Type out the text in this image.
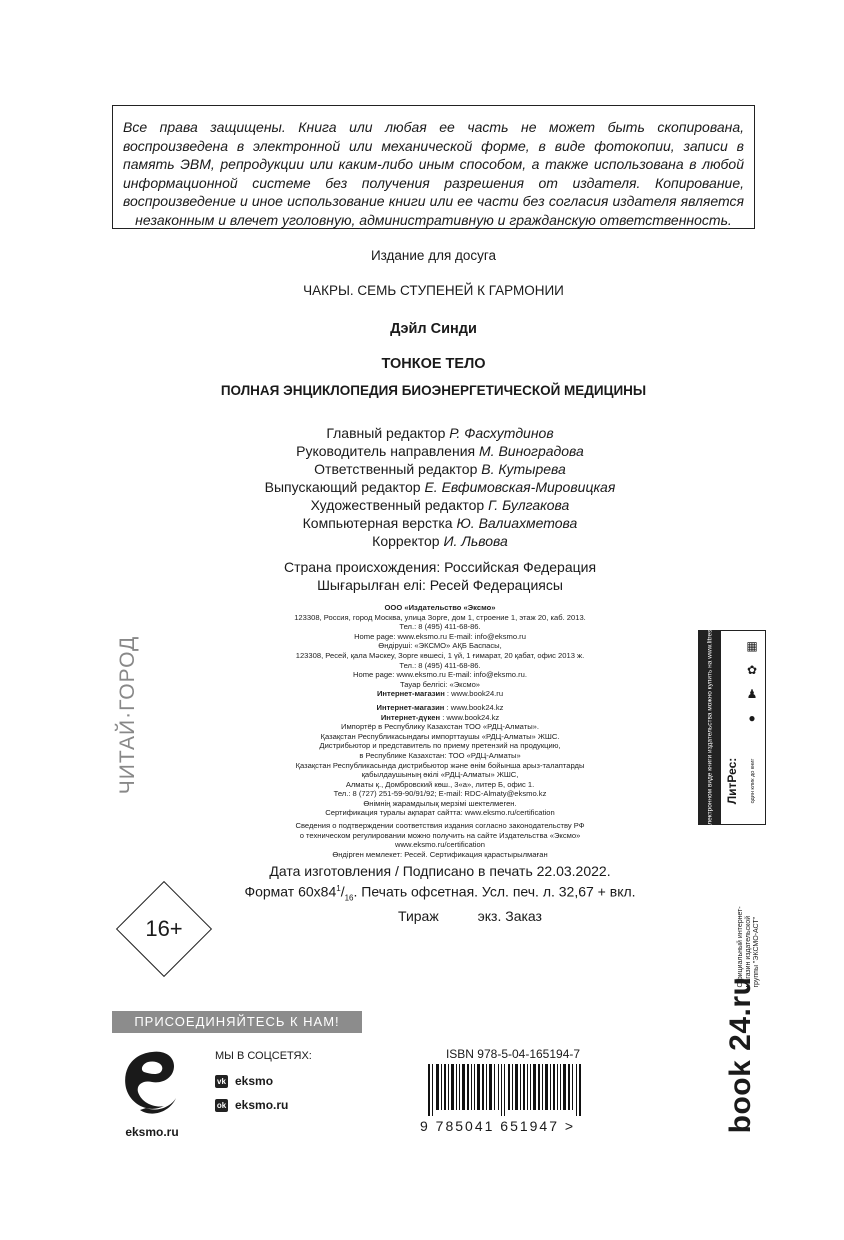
Все права защищены. Книга или любая ее часть не может быть скопирована, воспроизведена в электронной или механической форме, в виде фотокопии, записи в память ЭВМ, репродукции или каким-либо иным способом, а также использована в любой информационной системе без получения разрешения от издателя. Копирование, воспроизведение и иное использование книги или ее части без согласия издателя является незаконным и влечет уголовную, административную и гражданскую ответственность.

Издание для досуга
ЧАКРЫ. СЕМЬ СТУПЕНЕЙ К ГАРМОНИИ
Дэйл Синди
ТОНКОЕ ТЕЛО
ПОЛНАЯ ЭНЦИКЛОПЕДИЯ БИОЭНЕРГЕТИЧЕСКОЙ МЕДИЦИНЫ
Главный редактор Р. Фасхутдинов
Руководитель направления М. Виноградова
Ответственный редактор В. Кутырева
Выпускающий редактор Е. Евфимовская-Мировицкая
Художественный редактор Г. Булгакова
Компьютерная верстка Ю. Валиахметова
Корректор И. Львова
Страна происхождения: Российская Федерация
Шығарылған елі: Ресей Федерациясы
ООО «Издательство «Эксмо»
123308, Россия, город Москва, улица Зорге, дом 1, строение 1, этаж 20, каб. 2013.
Тел.: 8 (495) 411-68-86.
Home page: www.eksmo.ru E-mail: info@eksmo.ru
Өндіруші: «ЭКСМО» АҚБ Баспасы,
123308, Ресей, қала Мәскеу, Зорге көшесі, 1 үй, 1 ғимарат, 20 қабат, офис 2013 ж.
Тел.: 8 (495) 411-68-86.
Home page: www.eksmo.ru E-mail: info@eksmo.ru.
Тауар белгісі: «Эксмо»
Интернет-магазин : www.book24.ru
Интернет-магазин : www.book24.kz
Интернет-дүкен : www.book24.kz
Импортёр в Республику Казахстан ТОО «РДЦ-Алматы».
Қазақстан Республикасындағы импорттаушы «РДЦ-Алматы» ЖШС.
Дистрибьютор и представитель по приему претензий на продукцию,
в Республике Казахстан: ТОО «РДЦ-Алматы»
Қазақстан Республикасында дистрибьютор және өнім бойынша арыз-талаптарды
қабылдаушының өкілі «РДЦ-Алматы» ЖШС,
Алматы қ., Домбровский көш., 3«а», литер Б, офис 1.
Тел.: 8 (727) 251-59-90/91/92; E-mail: RDC-Almaty@eksmo.kz
Өнімнің жарамдылық мерзімі шектелмеген.
Сертификация туралы ақпарат сайтта: www.eksmo.ru/certification
Сведения о подтверждении соответствия издания согласно законодательству РФ
о техническом регулировании можно получить на сайте Издательства «Эксмо»
www.eksmo.ru/certification
Өндірген мемлекет: Ресей. Сертификация қарастырылмаған
Дата изготовления / Подписано в печать 22.03.2022.
Формат $60х84^1/_{16}$. Печать офсетная. Усл. печ. л. 32,67 + вкл.
Тираж	экз. Заказ
16+
ЧИТАЙ·ГОРОД	В электронном виде книги издательства можно купить на www.litres.ru	▦
✿
♟
●
ЛитРес: один клик до книг
Официальный интернет-магазин издательской группы "ЭКСМО-АСТ"
book 24.ru
ПРИСОЕДИНЯЙТЕСЬ К НАМ!
eksmo.ru
МЫ В СОЦСЕТЯХ:
vk eksmo
ok eksmo.ru
ISBN 978-5-04-165194-7
9 785041 651947 >
